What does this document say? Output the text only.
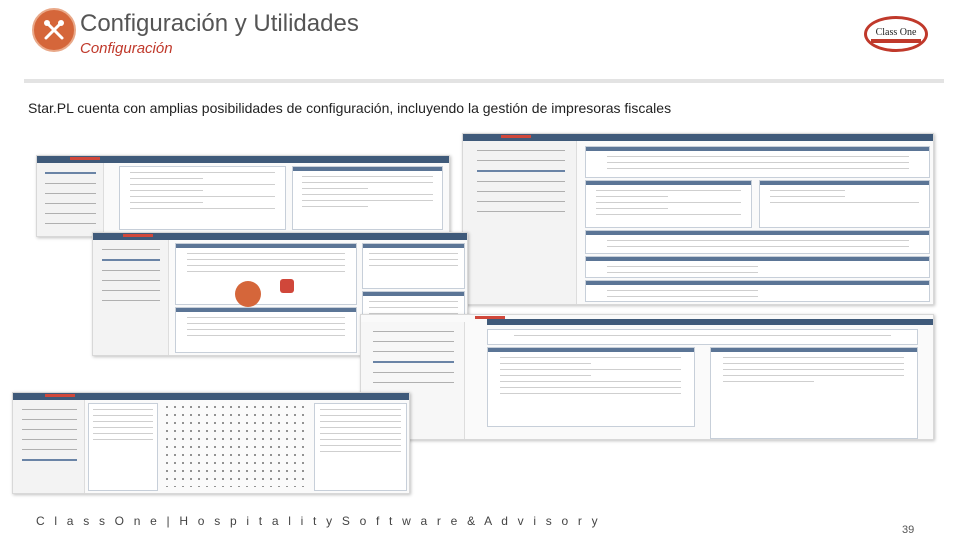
Configuración y Utilidades
Configuración
Class One
Star.PL cuenta con amplias posibilidades de configuración, incluyendo la gestión de impresoras fiscales
C l a s s O n e | H o s p i t a l i t y S o f t w a r e & A d v i s o r y
39
